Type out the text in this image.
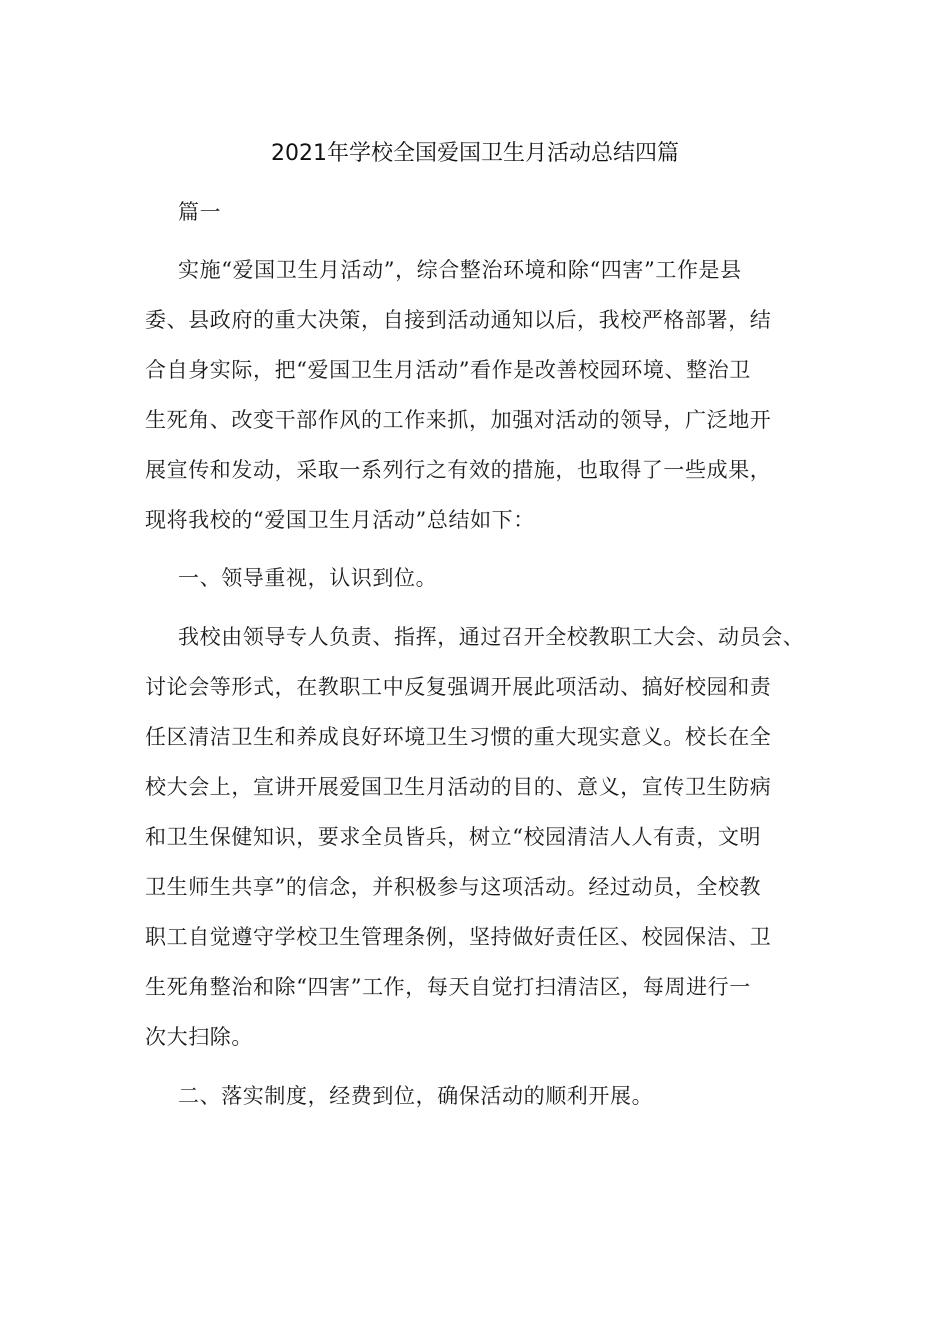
2021年学校全国爱国卫生月活动总结四篇
篇一
实施“爱国卫生月活动”，综合整治环境和除“四害”工作是县
委、县政府的重大决策，自接到活动通知以后，我校严格部署，结
合自身实际，把“爱国卫生月活动”看作是改善校园环境、整治卫
生死角、改变干部作风的工作来抓，加强对活动的领导，广泛地开
展宣传和发动，采取一系列行之有效的措施，也取得了一些成果，
现将我校的“爱国卫生月活动”总结如下：
一、领导重视，认识到位。
我校由领导专人负责、指挥，通过召开全校教职工大会、动员会、
讨论会等形式，在教职工中反复强调开展此项活动、搞好校园和责
任区清洁卫生和养成良好环境卫生习惯的重大现实意义。校长在全
校大会上，宣讲开展爱国卫生月活动的目的、意义，宣传卫生防病
和卫生保健知识，要求全员皆兵，树立“校园清洁人人有责，文明
卫生师生共享”的信念，并积极参与这项活动。经过动员，全校教
职工自觉遵守学校卫生管理条例，坚持做好责任区、校园保洁、卫
生死角整治和除“四害”工作，每天自觉打扫清洁区，每周进行一
次大扫除。
二、落实制度，经费到位，确保活动的顺利开展。
